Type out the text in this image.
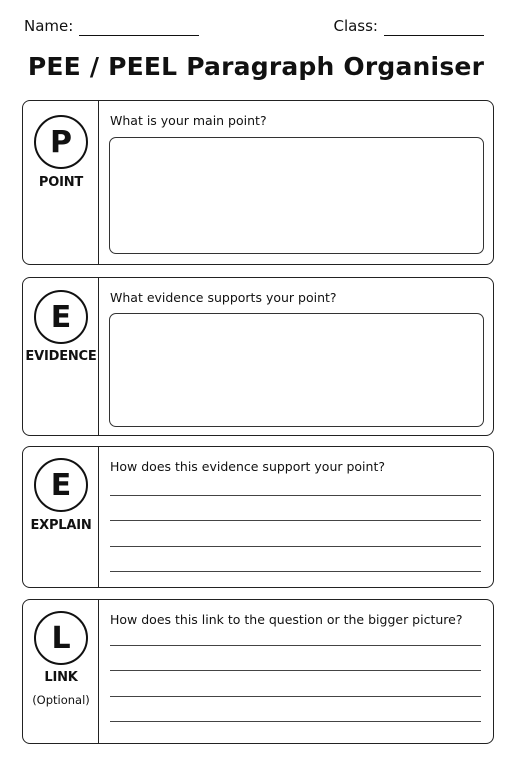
Name:	Class:
PEE / PEEL Paragraph Organiser
P
POINT
What is your main point?
E
EVIDENCE
What evidence supports your point?
E
EXPLAIN
How does this evidence support your point?
L
LINK
(Optional)
How does this link to the question or the bigger picture?
